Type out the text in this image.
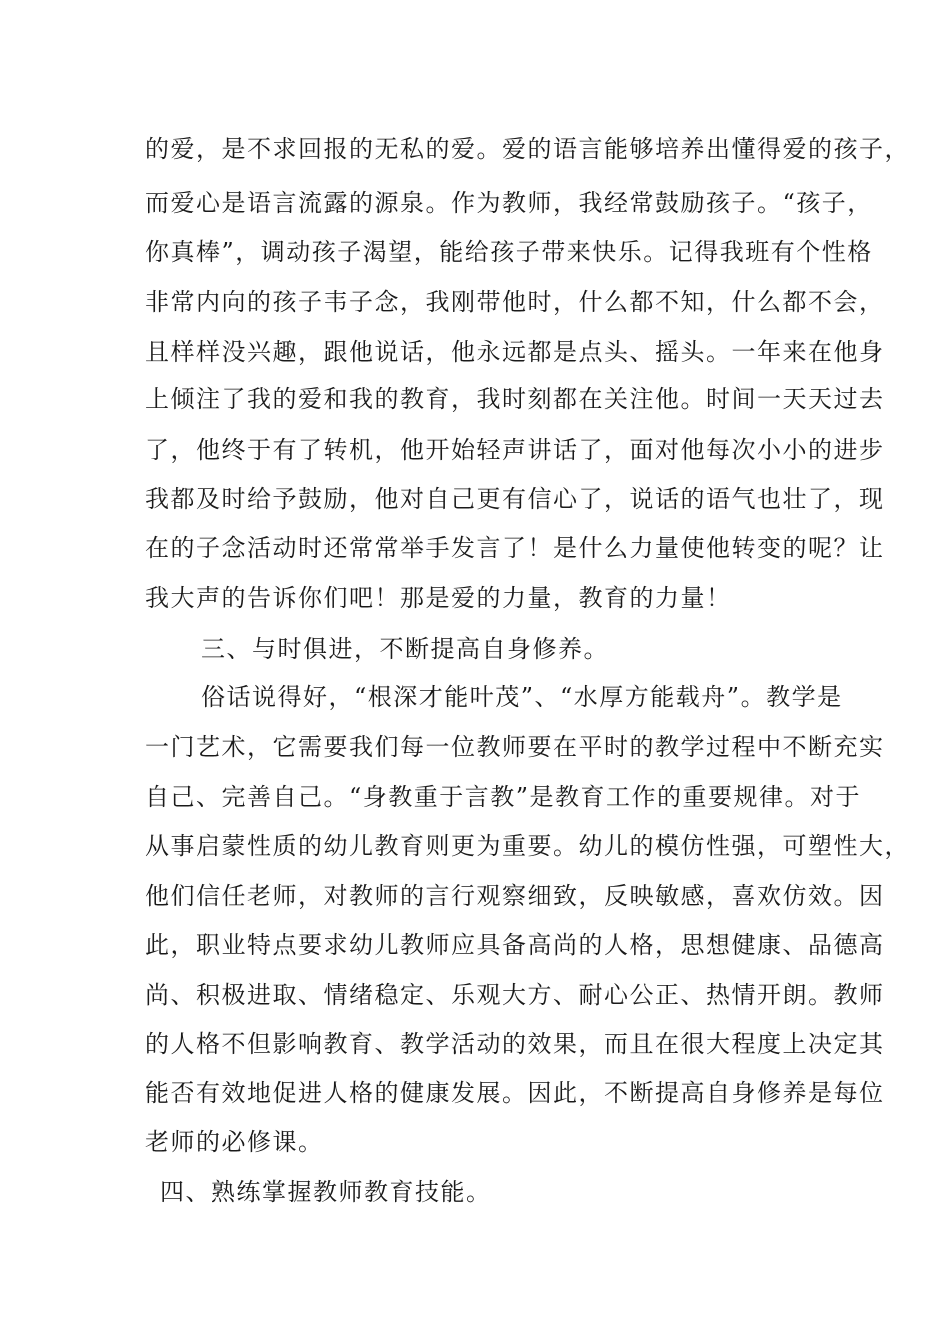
的爱，是不求回报的无私的爱。爱的语言能够培养出懂得爱的孩子，
而爱心是语言流露的源泉。作为教师，我经常鼓励孩子。“孩子，
你真棒”，调动孩子渴望，能给孩子带来快乐。记得我班有个性格
非常内向的孩子韦子念，我刚带他时，什么都不知，什么都不会，
且样样没兴趣，跟他说话，他永远都是点头、摇头。一年来在他身
上倾注了我的爱和我的教育，我时刻都在关注他。时间一天天过去
了，他终于有了转机，他开始轻声讲话了，面对他每次小小的进步
我都及时给予鼓励，他对自己更有信心了，说话的语气也壮了，现
在的子念活动时还常常举手发言了！是什么力量使他转变的呢？让
我大声的告诉你们吧！那是爱的力量，教育的力量！
三、与时俱进，不断提高自身修养。
俗话说得好，“根深才能叶茂”、“水厚方能载舟”。教学是
一门艺术，它需要我们每一位教师要在平时的教学过程中不断充实
自己、完善自己。“身教重于言教”是教育工作的重要规律。对于
从事启蒙性质的幼儿教育则更为重要。幼儿的模仿性强，可塑性大，
他们信任老师，对教师的言行观察细致，反映敏感，喜欢仿效。因
此，职业特点要求幼儿教师应具备高尚的人格，思想健康、品德高
尚、积极进取、情绪稳定、乐观大方、耐心公正、热情开朗。教师
的人格不但影响教育、教学活动的效果，而且在很大程度上决定其
能否有效地促进人格的健康发展。因此，不断提高自身修养是每位
老师的必修课。
四、熟练掌握教师教育技能。
